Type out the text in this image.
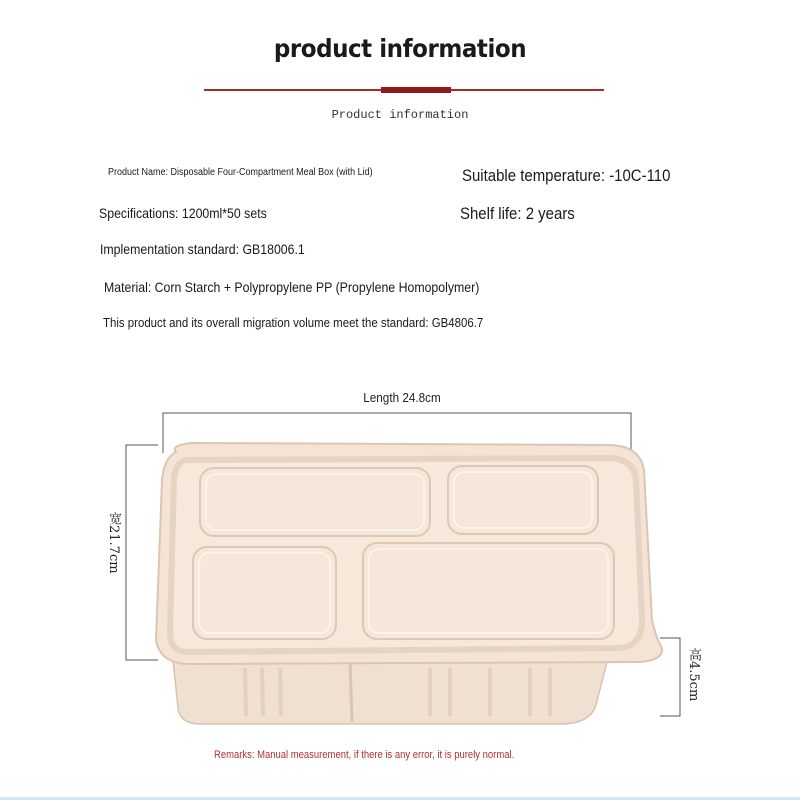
product information
Product information
Product Name: Disposable Four-Compartment Meal Box (with Lid)	Suitable temperature: -10C-110
Specifications: 1200ml*50 sets	Shelf life: 2 years
Implementation standard: GB18006.1
Material: Corn Starch + Polypropylene PP (Propylene Homopolymer)
This product and its overall migration volume meet the standard: GB4806.7
Length 24.8cm
宽21.7cm
高4.5cm
Remarks: Manual measurement, if there is any error, it is purely normal.
